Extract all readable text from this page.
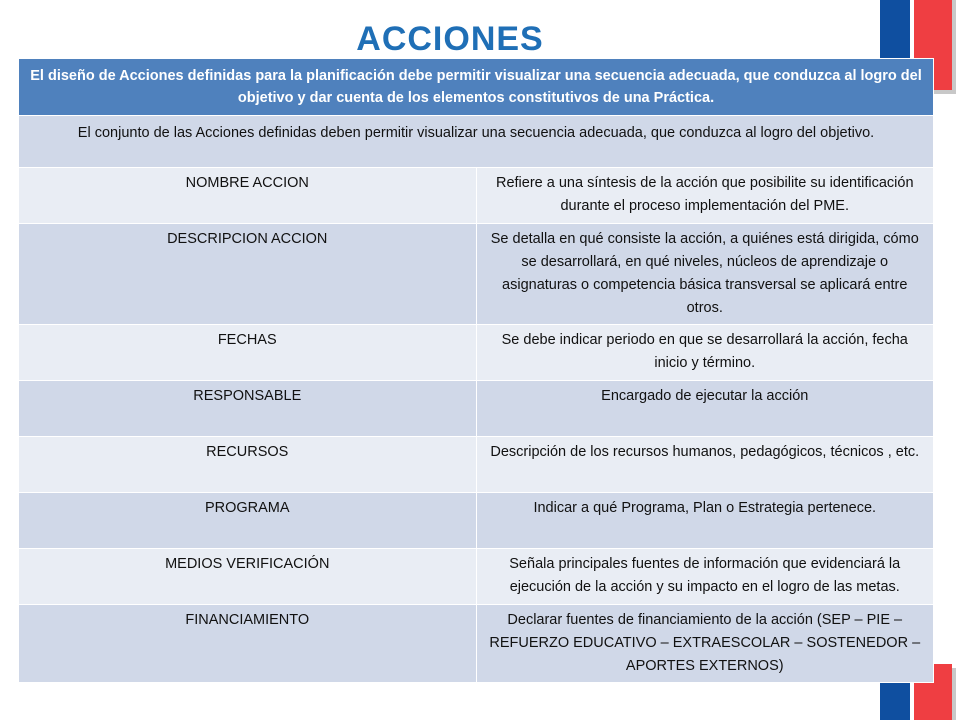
ACCIONES
El diseño de Acciones definidas para la planificación debe permitir visualizar una secuencia adecuada, que conduzca al logro del objetivo y dar cuenta de los elementos constitutivos de una Práctica.	
El conjunto de las Acciones definidas deben permitir visualizar una secuencia adecuada, que conduzca al logro del objetivo.	
NOMBRE ACCION	Refiere a una síntesis de la acción que posibilite su identificación durante el proceso implementación del PME.
DESCRIPCION ACCION	Se detalla en qué consiste la acción, a quiénes está dirigida, cómo se desarrollará, en qué niveles, núcleos de aprendizaje o asignaturas o competencia básica transversal se aplicará entre otros.
FECHAS	Se debe indicar periodo en que se desarrollará la acción, fecha inicio y término.
RESPONSABLE	Encargado de ejecutar la acción
RECURSOS	Descripción de los recursos humanos, pedagógicos, técnicos , etc.
PROGRAMA	Indicar a qué Programa, Plan o Estrategia pertenece.
MEDIOS VERIFICACIÓN	Señala principales fuentes de información que evidenciará la ejecución de la acción y su impacto en el logro de las metas.
FINANCIAMIENTO	Declarar fuentes de financiamiento de la acción (SEP – PIE – REFUERZO EDUCATIVO – EXTRAESCOLAR – SOSTENEDOR – APORTES EXTERNOS)
